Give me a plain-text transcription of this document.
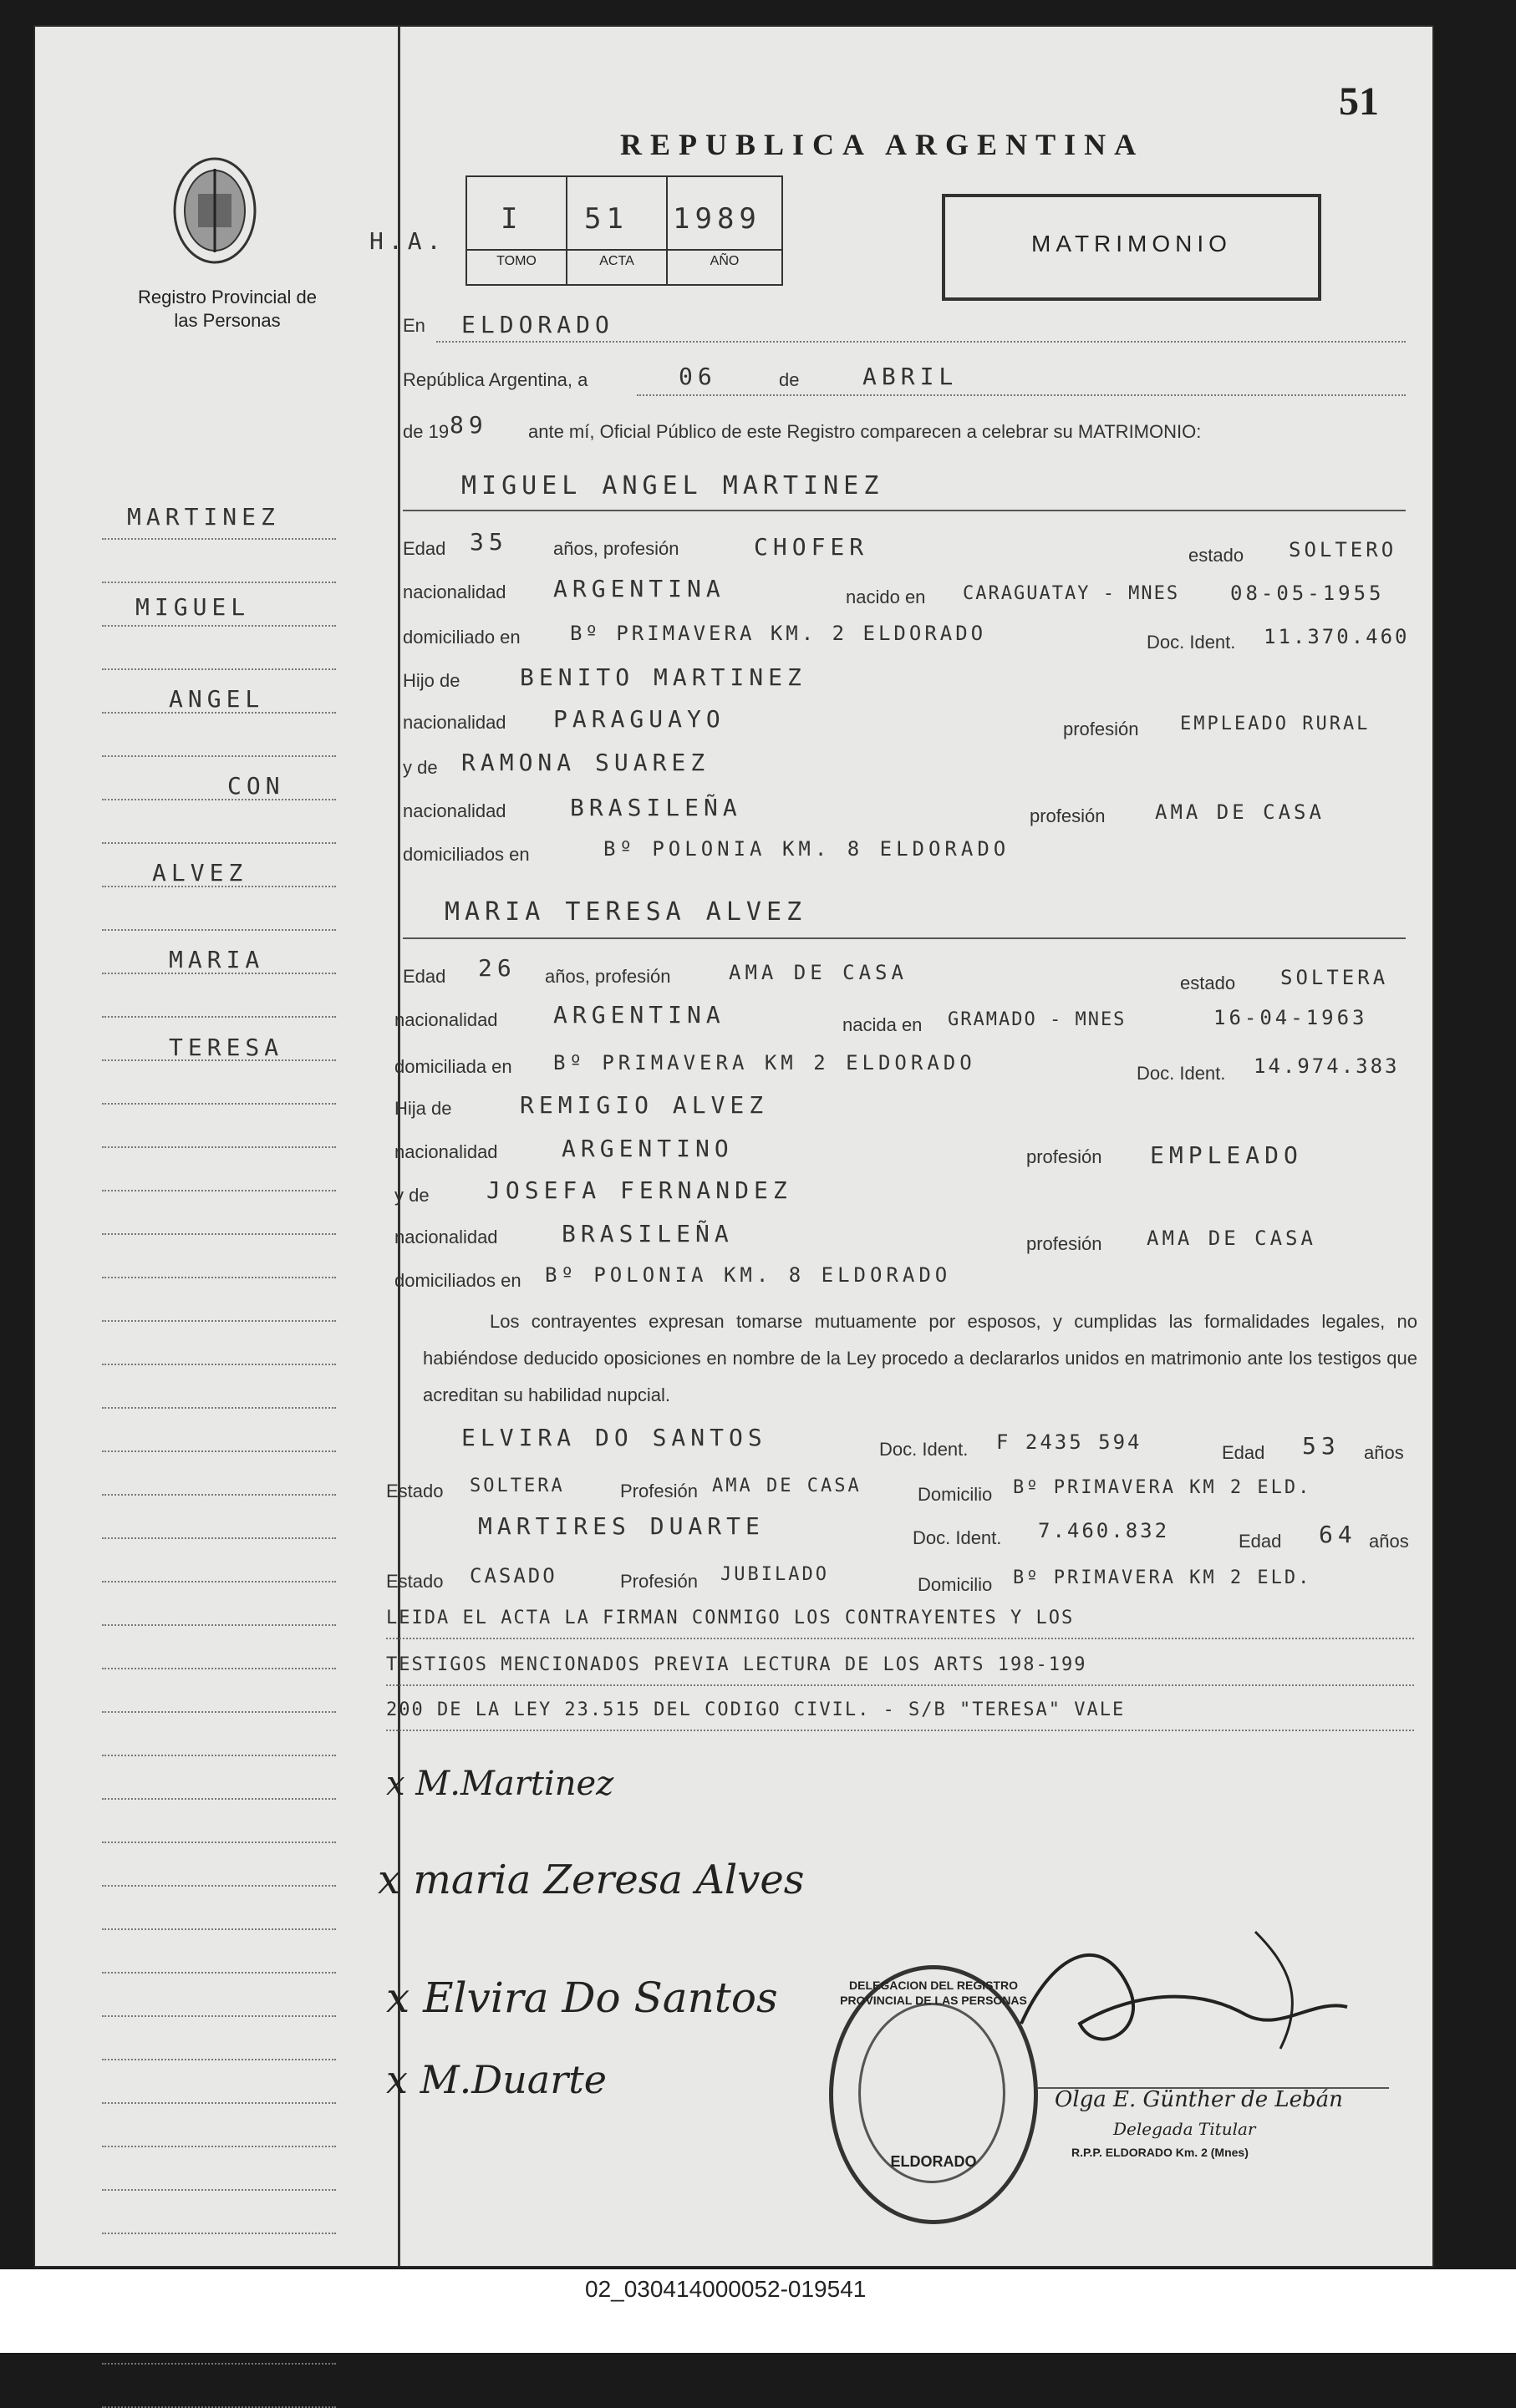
Registro Provincial de las Personas
MARTINEZ
MIGUEL
ANGEL
CON
ALVEZ
MARIA
TERESA
51
REPUBLICA ARGENTINA
H.A.
I 51 1989
TOMO	ACTA	AÑO
MATRIMONIO
En ELDORADO
República Argentina, a	06	de	ABRIL
de 19 89 ante mí, Oficial Público de este Registro comparecen a celebrar su MATRIMONIO:
MIGUEL ANGEL MARTINEZ
Edad 35 años, profesión	CHOFER	estado SOLTERO
nacionalidad ARGENTINA	nacido en CARAGUATAY - MNES	08-05-1955
domiciliado en Bº PRIMAVERA KM. 2 ELDORADO	Doc. Ident. 11.370.460
Hijo de	BENITO MARTINEZ
nacionalidad PARAGUAYO	profesión EMPLEADO RURAL
y de RAMONA SUAREZ
nacionalidad	BRASILEÑA	profesión AMA DE CASA
domiciliados en	Bº POLONIA KM. 8 ELDORADO
MARIA TERESA ALVEZ
Edad 26 años, profesión	AMA DE CASA	estado SOLTERA
nacionalidad ARGENTINA	nacida en GRAMADO - MNES	16-04-1963
domiciliada en Bº PRIMAVERA KM 2 ELDORADO	Doc. Ident. 14.974.383
Hija de	REMIGIO ALVEZ
nacionalidad	ARGENTINO	profesión EMPLEADO
y de JOSEFA FERNANDEZ
nacionalidad	BRASILEÑA	profesión AMA DE CASA
domiciliados en Bº POLONIA KM. 8 ELDORADO
Los contrayentes expresan tomarse mutuamente por esposos, y cumplidas las formalidades legales, no habiéndose deducido oposiciones en nombre de la Ley procedo a declararlos unidos en matrimonio ante los testigos que acreditan su habilidad nupcial.
ELVIRA DO SANTOS	Doc. Ident. F 2435 594	Edad 53 años
Estado SOLTERA	Profesión AMA DE CASA	Domicilio Bº PRIMAVERA KM 2 ELD.
MARTIRES DUARTE	Doc. Ident. 7.460.832	Edad 64 años
Estado CASADO	Profesión JUBILADO	Domicilio Bº PRIMAVERA KM 2 ELD.
LEIDA EL ACTA LA FIRMAN CONMIGO LOS CONTRAYENTES Y LOS
TESTIGOS MENCIONADOS PREVIA LECTURA DE LOS ARTS 198-199
200 DE LA LEY 23.515 DEL CODIGO CIVIL. - S/B "TERESA" VALE
x M.Martinez
x maria Zeresa Alves
x Elvira Do Santos
x M.Duarte
DELEGACION DEL REGISTRO PROVINCIAL DE LAS PERSONAS
ELDORADO
Olga E. Günther de Lebán
Delegada Titular
R.P.P. ELDORADO Km. 2 (Mnes)
02_030414000052-019541
